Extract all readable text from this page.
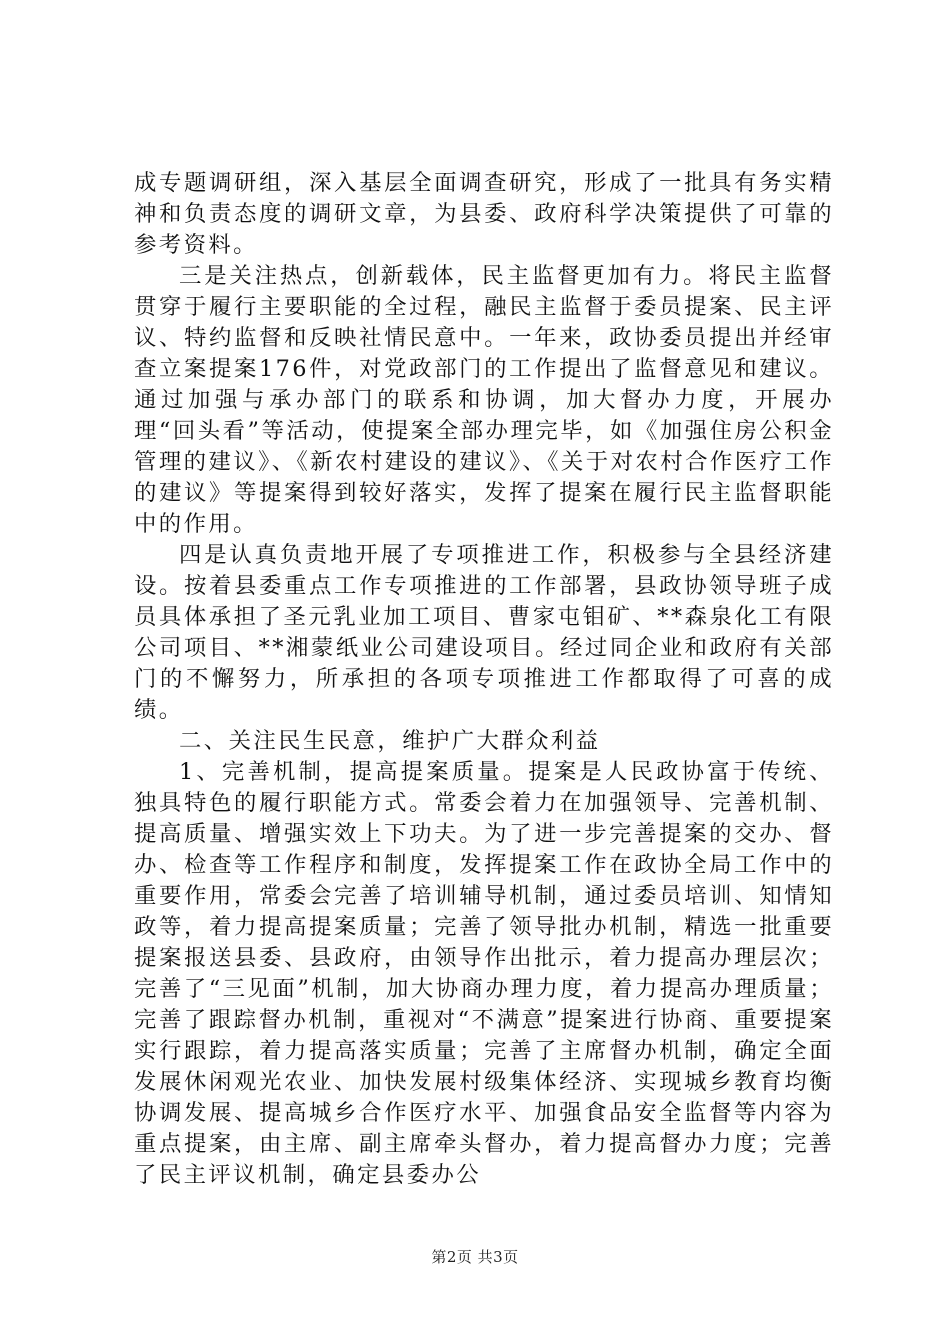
成专题调研组，深入基层全面调查研究，形成了一批具有务实精神和负责态度的调研文章，为县委、政府科学决策提供了可靠的参考资料。

三是关注热点，创新载体，民主监督更加有力。将民主监督贯穿于履行主要职能的全过程，融民主监督于委员提案、民主评议、特约监督和反映社情民意中。一年来，政协委员提出并经审查立案提案176件，对党政部门的工作提出了监督意见和建议。通过加强与承办部门的联系和协调，加大督办力度，开展办理“回头看”等活动，使提案全部办理完毕，如《加强住房公积金管理的建议》、《新农村建设的建议》、《关于对农村合作医疗工作的建议》等提案得到较好落实，发挥了提案在履行民主监督职能中的作用。

四是认真负责地开展了专项推进工作，积极参与全县经济建设。按着县委重点工作专项推进的工作部署，县政协领导班子成员具体承担了圣元乳业加工项目、曹家屯钼矿、**森泉化工有限公司项目、**湘蒙纸业公司建设项目。经过同企业和政府有关部门的不懈努力，所承担的各项专项推进工作都取得了可喜的成绩。

二、关注民生民意，维护广大群众利益

1、完善机制，提高提案质量。提案是人民政协富于传统、独具特色的履行职能方式。常委会着力在加强领导、完善机制、提高质量、增强实效上下功夫。为了进一步完善提案的交办、督办、检查等工作程序和制度，发挥提案工作在政协全局工作中的重要作用，常委会完善了培训辅导机制，通过委员培训、知情知政等，着力提高提案质量；完善了领导批办机制，精选一批重要提案报送县委、县政府，由领导作出批示，着力提高办理层次；完善了“三见面”机制，加大协商办理力度，着力提高办理质量；完善了跟踪督办机制，重视对“不满意”提案进行协商、重要提案实行跟踪，着力提高落实质量；完善了主席督办机制，确定全面发展休闲观光农业、加快发展村级集体经济、实现城乡教育均衡协调发展、提高城乡合作医疗水平、加强食品安全监督等内容为重点提案，由主席、副主席牵头督办，着力提高督办力度；完善了民主评议机制，确定县委办公

第2页 共3页
